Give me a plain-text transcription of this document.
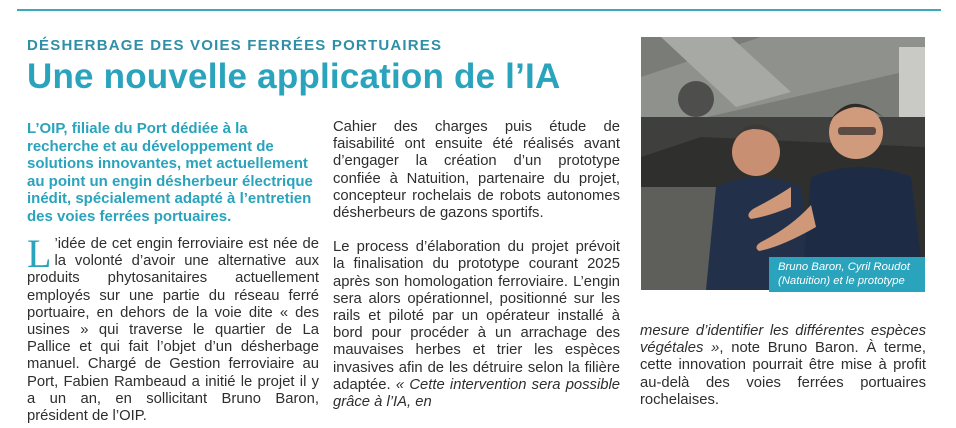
DÉSHERBAGE DES VOIES FERRÉES PORTUAIRES
Une nouvelle application de l’IA
L’OIP, filiale du Port dédiée à la recherche et au développement de solutions innovantes, met actuellement au point un engin désherbeur électrique inédit, spécialement adapté à l’entretien des voies ferrées portuaires.
L ’idée de cet engin ferroviaire est née de la volonté d’avoir une alternative aux produits phytosanitaires actuellement employés sur une partie du réseau ferré portuaire, en dehors de la voie dite « des usines » qui traverse le quartier de La Pallice et qui fait l’objet d’un désherbage manuel. Chargé de Gestion ferroviaire au Port, Fabien Rambeaud a initié le projet il y a un an, en sollicitant Bruno Baron, président de l’OIP.

Cahier des charges puis étude de faisabilité ont ensuite été réalisés avant d’engager la création d’un prototype confiée à Natuition, partenaire du projet, concepteur rochelais de robots autonomes désherbeurs de gazons sportifs.

Le process d’élaboration du projet prévoit la finalisation du prototype courant 2025 après son homologation ferroviaire. L’engin sera alors opérationnel, positionné sur les rails et piloté par un opérateur installé à bord pour procéder à un arrachage des mauvaises herbes et trier les espèces invasives afin de les détruire selon la filière adaptée. « Cette intervention sera possible grâce à l’IA, en

Bruno Baron, Cyril Roudot (Natuition) et le prototype
mesure d’identifier les différentes espèces végétales », note Bruno Baron. À terme, cette innovation pourrait être mise à profit au-delà des voies ferrées portuaires rochelaises.
